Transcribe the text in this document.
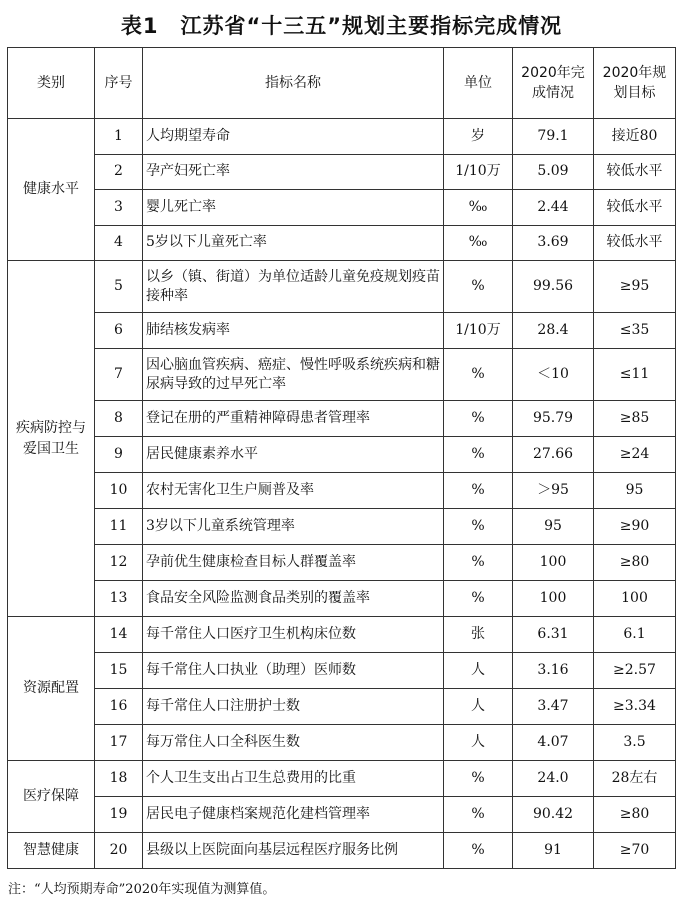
表1　江苏省“十三五”规划主要指标完成情况
类别	序号	指标名称	单位	2020年完成情况	2020年规划目标
健康水平	1	人均期望寿命	岁	79.1	接近80
	2	孕产妇死亡率	1/10万	5.09	较低水平
	3	婴儿死亡率	‰	2.44	较低水平
	4	5岁以下儿童死亡率	‰	3.69	较低水平
疾病防控与爱国卫生	5	以乡（镇、街道）为单位适龄儿童免疫规划疫苗接种率	%	99.56	≥95
	6	肺结核发病率	1/10万	28.4	≤35
	7	因心脑血管疾病、癌症、慢性呼吸系统疾病和糖尿病导致的过早死亡率	%	＜10	≤11
	8	登记在册的严重精神障碍患者管理率	%	95.79	≥85
	9	居民健康素养水平	%	27.66	≥24
	10	农村无害化卫生户厕普及率	%	＞95	95
	11	3岁以下儿童系统管理率	%	95	≥90
	12	孕前优生健康检查目标人群覆盖率	%	100	≥80
	13	食品安全风险监测食品类别的覆盖率	%	100	100
资源配置	14	每千常住人口医疗卫生机构床位数	张	6.31	6.1
	15	每千常住人口执业（助理）医师数	人	3.16	≥2.57
	16	每千常住人口注册护士数	人	3.47	≥3.34
	17	每万常住人口全科医生数	人	4.07	3.5
医疗保障	18	个人卫生支出占卫生总费用的比重	%	24.0	28左右
	19	居民电子健康档案规范化建档管理率	%	90.42	≥80
智慧健康	20	县级以上医院面向基层远程医疗服务比例	%	91	≥70
注：“人均预期寿命”2020年实现值为测算值。
